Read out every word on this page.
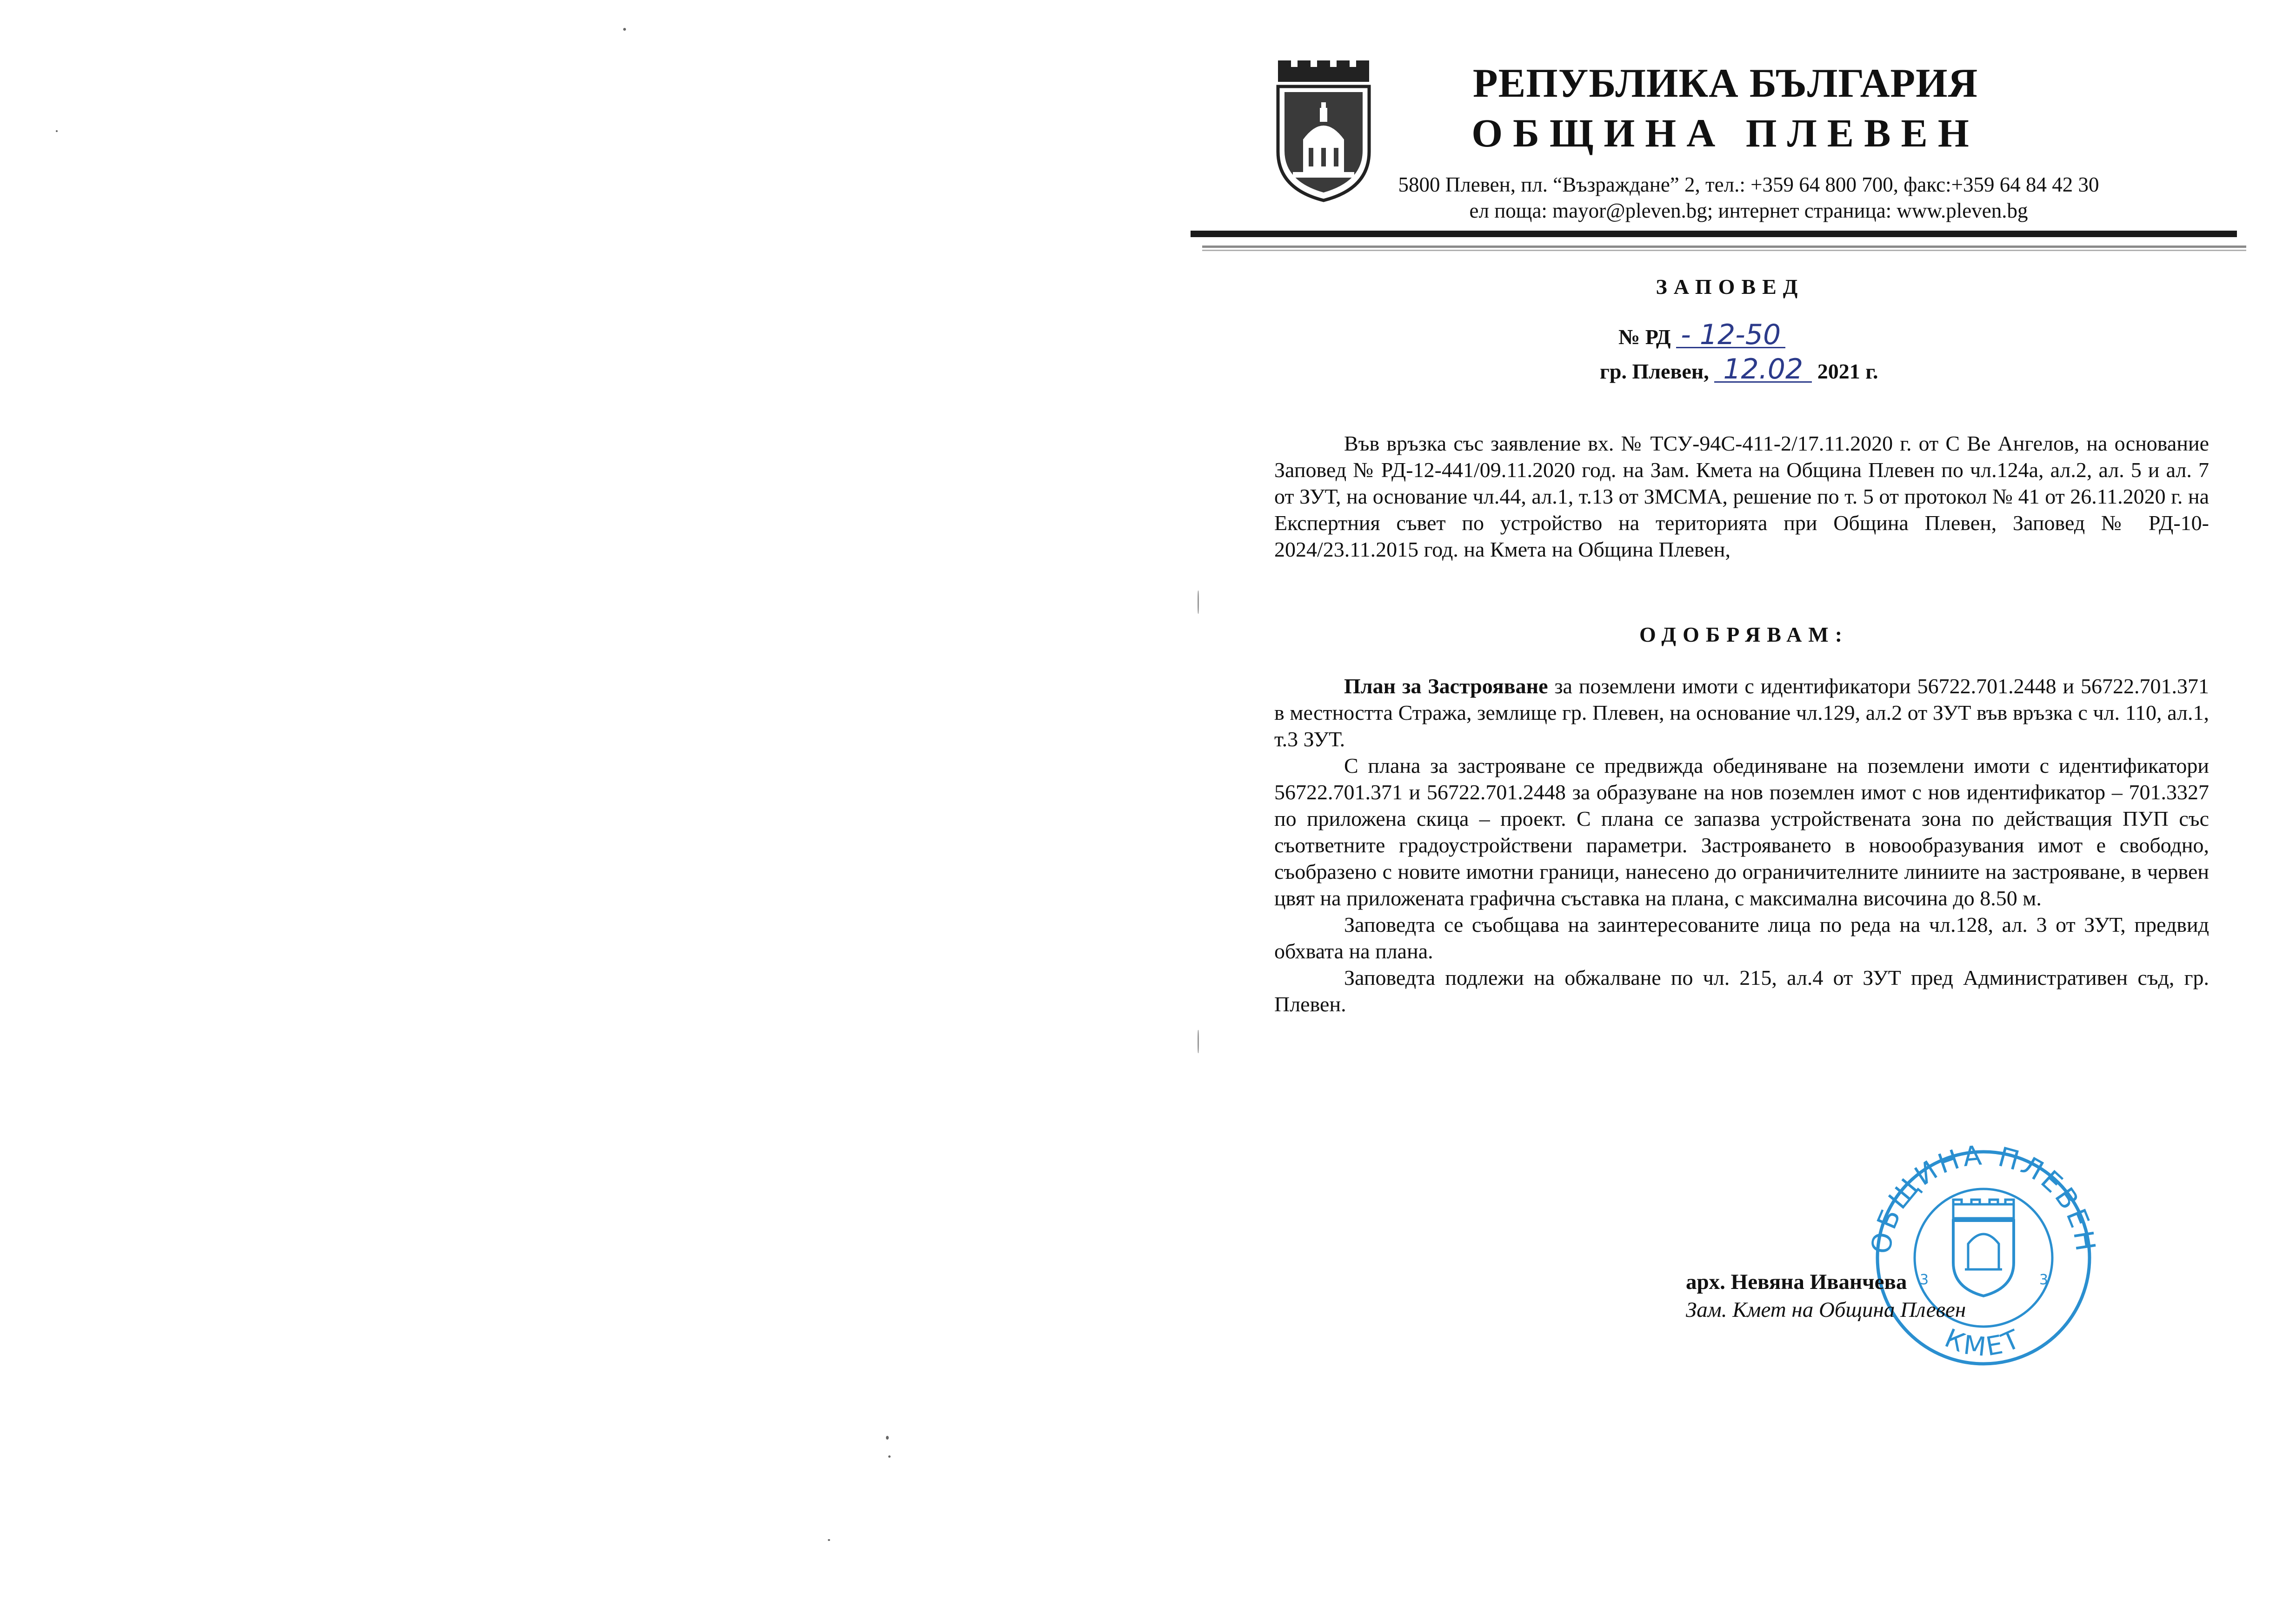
РЕПУБЛИКА БЪЛГАРИЯ
ОБЩИНА ПЛЕВЕН
5800 Плевен, пл. “Възраждане” 2, тел.: +359 64 800 700, факс:+359 64 84 42 30
ел поща: mayor@pleven.bg; интернет страница: www.pleven.bg
ЗАПОВЕД
№ РД - 12-50
гр. Плевен, 12.02 2021 г.

Във връзка със заявление вх. № ТСУ-94С-411-2/17.11.2020 г. от С Ве Ангелов, на основание Заповед № РД-12-441/09.11.2020 год. на Зам. Кмета на Община Плевен по чл.124а, ал.2, ал. 5 и ал. 7 от ЗУТ, на основание чл.44, ал.1, т.13 от ЗМСМА, решение по т. 5 от протокол № 41 от 26.11.2020 г. на Експертния съвет по устройство на територията при Община Плевен, Заповед № РД-10-2024/23.11.2015 год. на Кмета на Община Плевен,

ОДОБРЯВАМ:

План за Застрояване за поземлени имоти с идентификатори 56722.701.2448 и 56722.701.371 в местността Стража, землище гр. Плевен, на основание чл.129, ал.2 от ЗУТ във връзка с чл. 110, ал.1, т.3 ЗУТ.

С плана за застрояване се предвижда обединяване на поземлени имоти с идентификатори 56722.701.371 и 56722.701.2448 за образуване на нов поземлен имот с нов идентификатор – 701.3327 по приложена скица – проект. С плана се запазва устройствената зона по действащия ПУП със съответните градоустройствени параметри. Застрояването в новообразувания имот е свободно, съобразено с новите имотни граници, нанесено до ограничителните линиите на застрояване, в червен цвят на приложената графична съставка на плана, с максимална височина до 8.50 м.

Заповедта се съобщава на заинтересованите лица по реда на чл.128, ал. 3 от ЗУТ, предвид обхвата на плана.

Заповедта подлежи на обжалване по чл. 215, ал.4 от ЗУТ пред Административен съд, гр. Плевен.

ОБЩИНА ПЛЕВЕН
КМЕТ
3	3
арх. Невяна Иванчева
Зам. Кмет на Община Плевен
